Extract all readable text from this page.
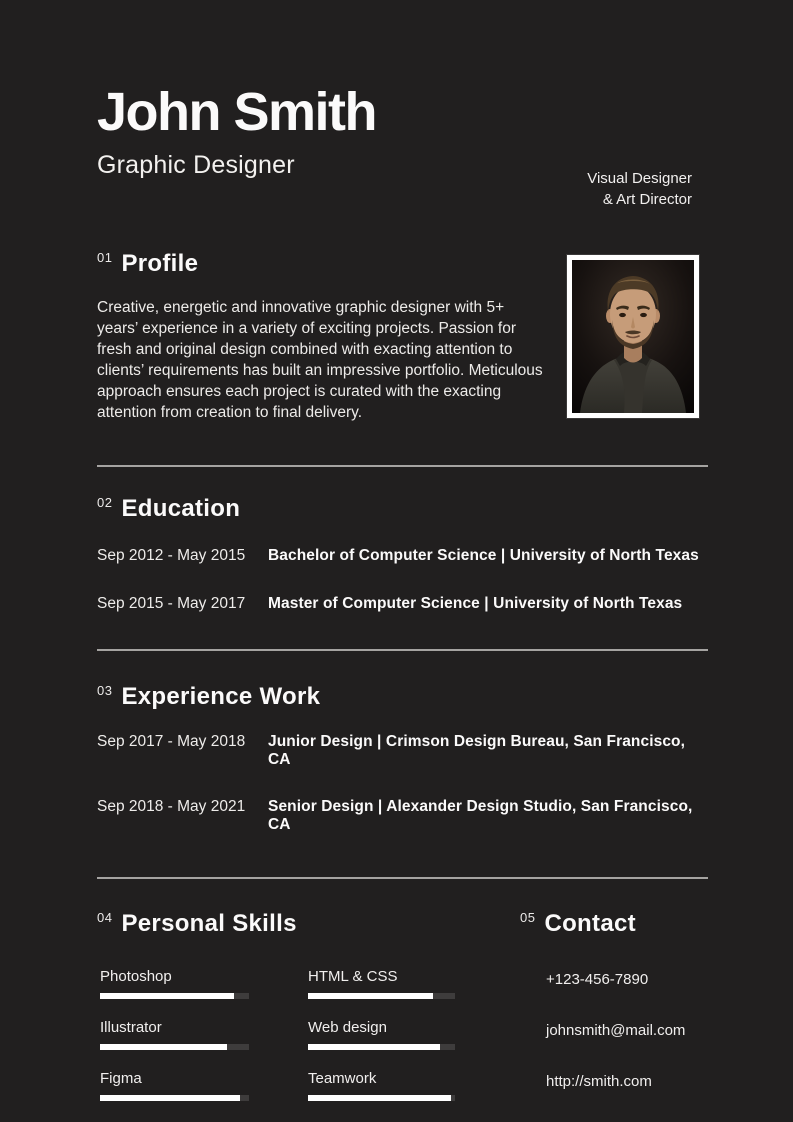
John Smith
Graphic Designer
01 Profile

Creative, energetic and innovative graphic designer with 5+ years’ experience in a variety of exciting projects. Passion for fresh and original design combined with exacting attention to clients’ requirements has built an impressive portfolio. Meticulous approach ensures each project is curated with the exacting attention from creation to final delivery.

02 Education
Sep 2012 - May 2015	Bachelor of Computer Science | University of North Texas
Sep 2015 - May 2017	Master of Computer Science | University of North Texas
03 Experience Work
Sep 2017 - May 2018	Junior Design | Crimson Design Bureau, San Francisco, CA
Sep 2018 - May 2021	Senior Design | Alexander Design Studio, San Francisco, CA
04 Personal Skills
Photoshop
Illustrator
Figma
HTML & CSS
Web design
Teamwork
05 Contact
+123-456-7890
johnsmith@mail.com
http://smith.com
Visual Designer
& Art Director
